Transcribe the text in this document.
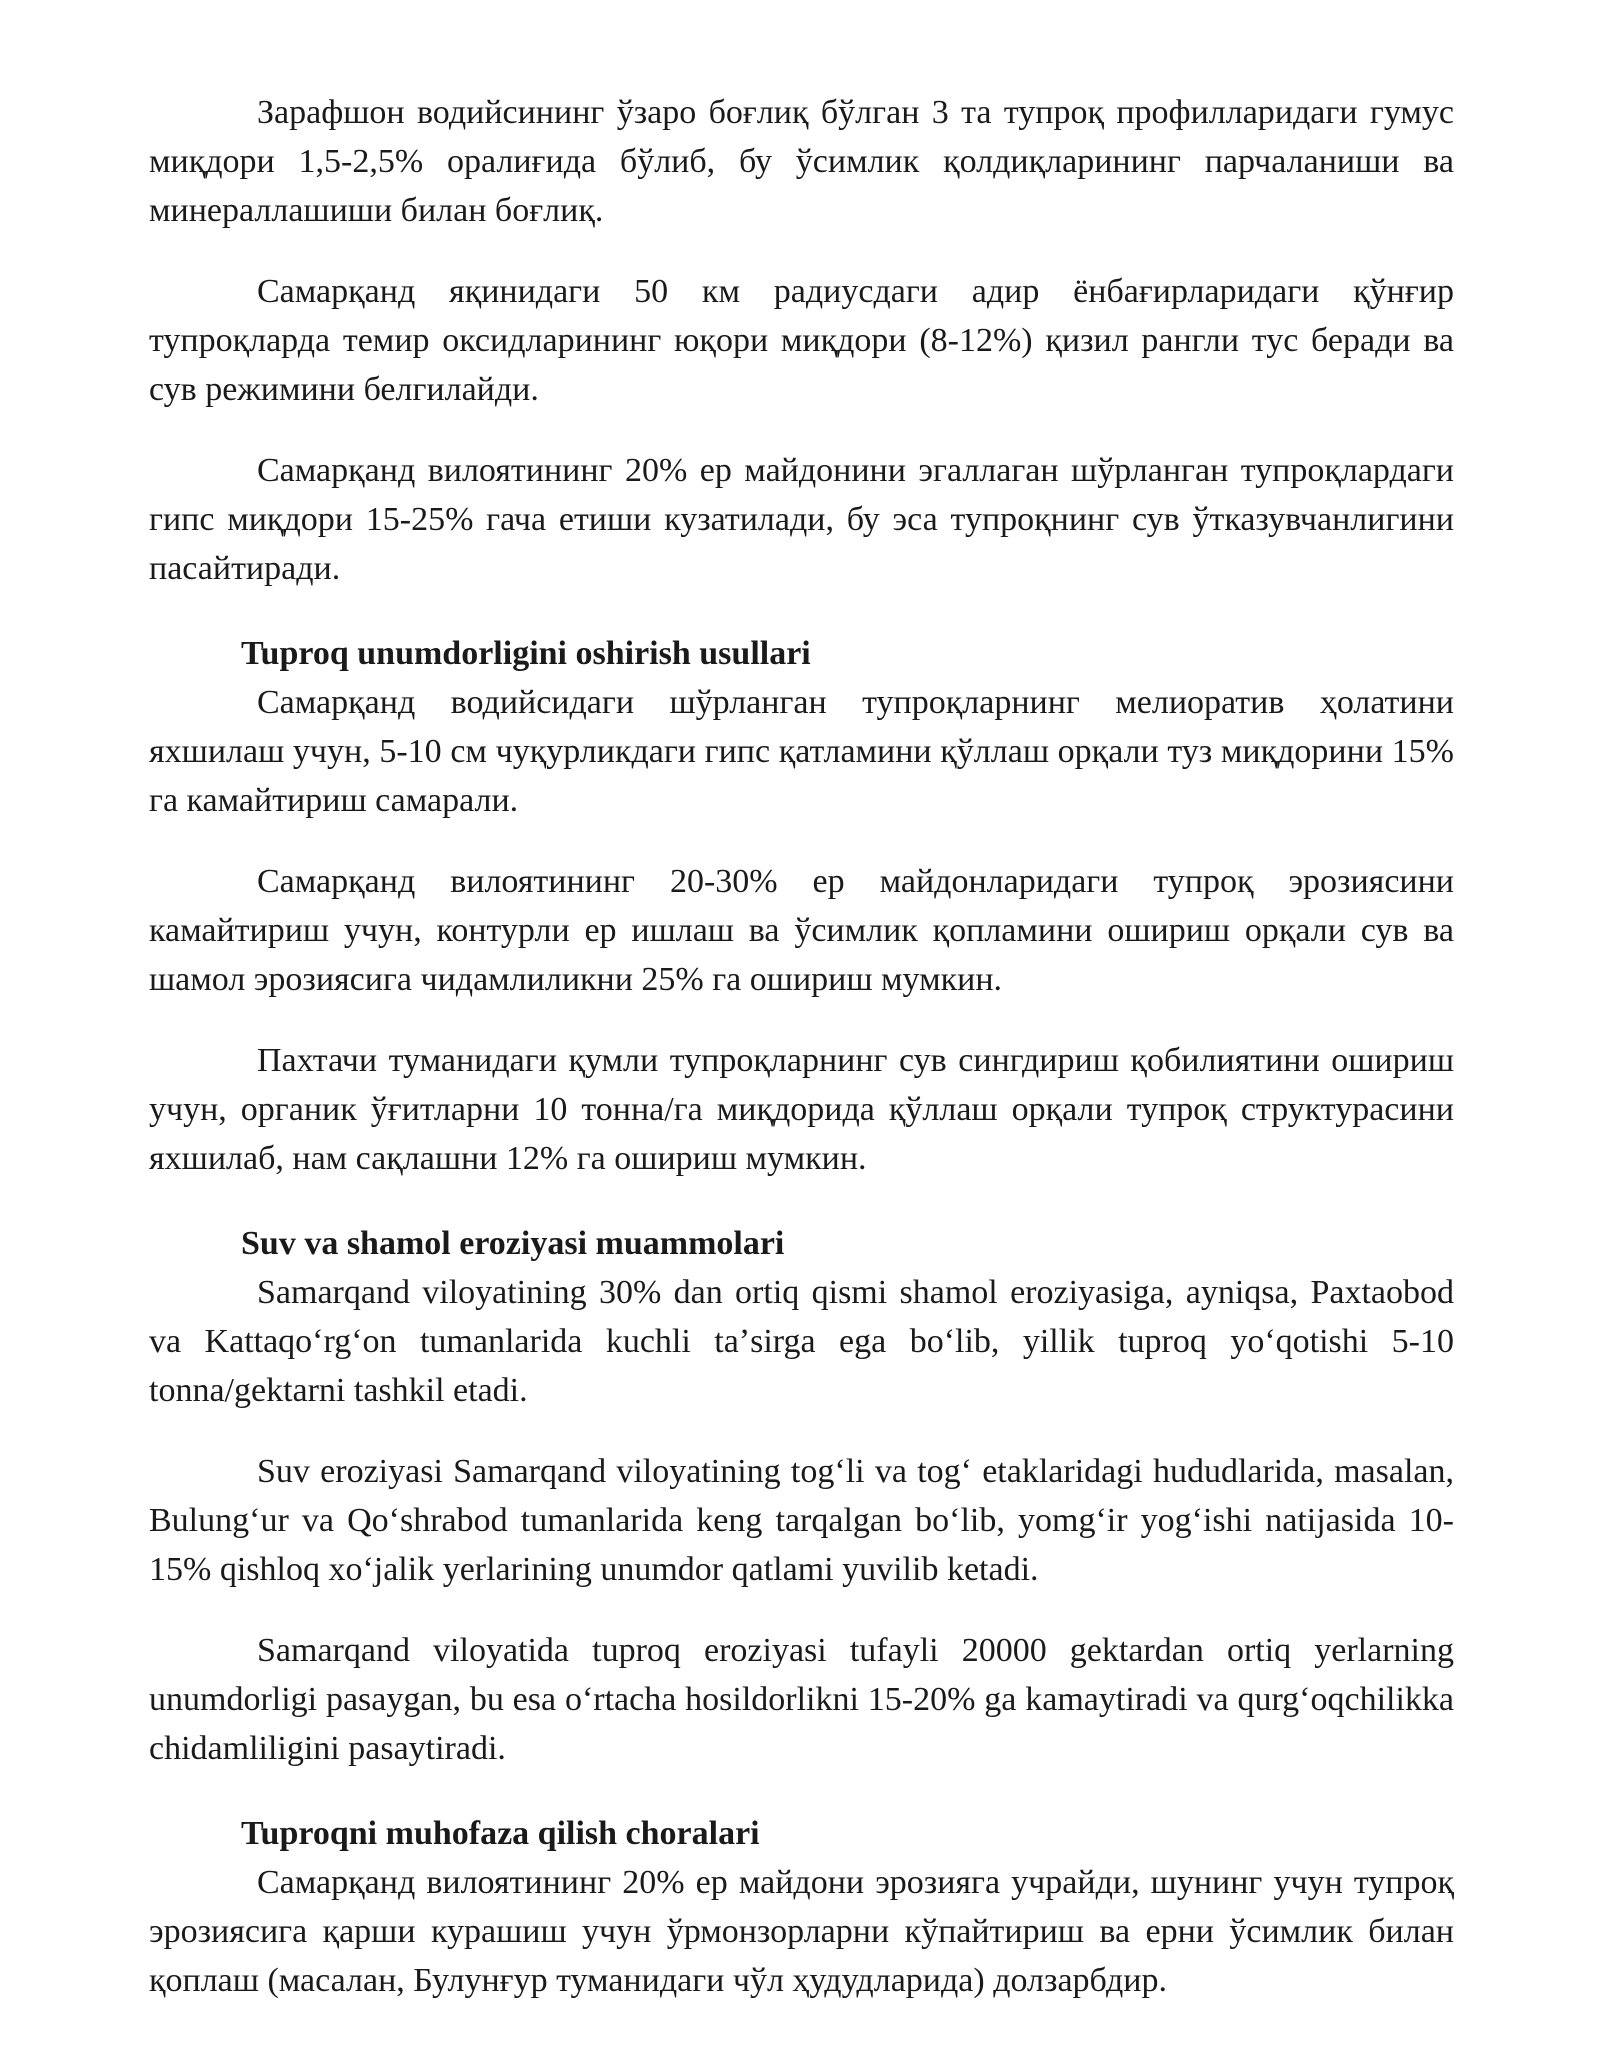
Зарафшон водийсининг ўзаро боғлиқ бўлган 3 та тупроқ профилларидаги гумус миқдори 1,5-2,5% оралиғида бўлиб, бу ўсимлик қолдиқларининг парчаланиши ва минераллашиши билан боғлиқ.

Самарқанд яқинидаги 50 км радиусдаги адир ёнбағирларидаги қўнғир тупроқларда темир оксидларининг юқори миқдори (8-12%) қизил рангли тус беради ва сув режимини белгилайди.

Самарқанд вилоятининг 20% ер майдонини эгаллаган шўрланган тупроқлардаги гипс миқдори 15-25% гача етиши кузатилади, бу эса тупроқнинг сув ўтказувчанлигини пасайтиради.

Tuproq unumdorligini oshirish usullari

Самарқанд водийсидаги шўрланган тупроқларнинг мелиоратив ҳолатини яхшилаш учун, 5-10 см чуқурликдаги гипс қатламини қўллаш орқали туз миқдорини 15% га камайтириш самарали.

Самарқанд вилоятининг 20-30% ер майдонларидаги тупроқ эрозиясини камайтириш учун, контурли ер ишлаш ва ўсимлик қопламини ошириш орқали сув ва шамол эрозиясига чидамлиликни 25% га ошириш мумкин.

Пахтачи туманидаги қумли тупроқларнинг сув сингдириш қобилиятини ошириш учун, органик ўғитларни 10 тонна/га миқдорида қўллаш орқали тупроқ структурасини яхшилаб, нам сақлашни 12% га ошириш мумкин.

Suv va shamol eroziyasi muammolari

Samarqand viloyatining 30% dan ortiq qismi shamol eroziyasiga, ayniqsa, Paxtaobod va Kattaqoʻrgʻon tumanlarida kuchli taʼsirga ega boʻlib, yillik tuproq yoʻqotishi 5-10 tonna/gektarni tashkil etadi.

Suv eroziyasi Samarqand viloyatining togʻli va togʻ etaklaridagi hududlarida, masalan, Bulungʻur va Qoʻshrabod tumanlarida keng tarqalgan boʻlib, yomgʻir yogʻishi natijasida 10-15% qishloq xoʻjalik yerlarining unumdor qatlami yuvilib ketadi.

Samarqand viloyatida tuproq eroziyasi tufayli 20000 gektardan ortiq yerlarning unumdorligi pasaygan, bu esa oʻrtacha hosildorlikni 15-20% ga kamaytiradi va qurgʻoqchilikka chidamliligini pasaytiradi.

Tuproqni muhofaza qilish choralari

Самарқанд вилоятининг 20% ер майдони эрозияга учрайди, шунинг учун тупроқ эрозиясига қарши курашиш учун ўрмонзорларни кўпайтириш ва ерни ўсимлик билан қоплаш (масалан, Булунғур туманидаги чўл ҳудудларида) долзарбдир.
